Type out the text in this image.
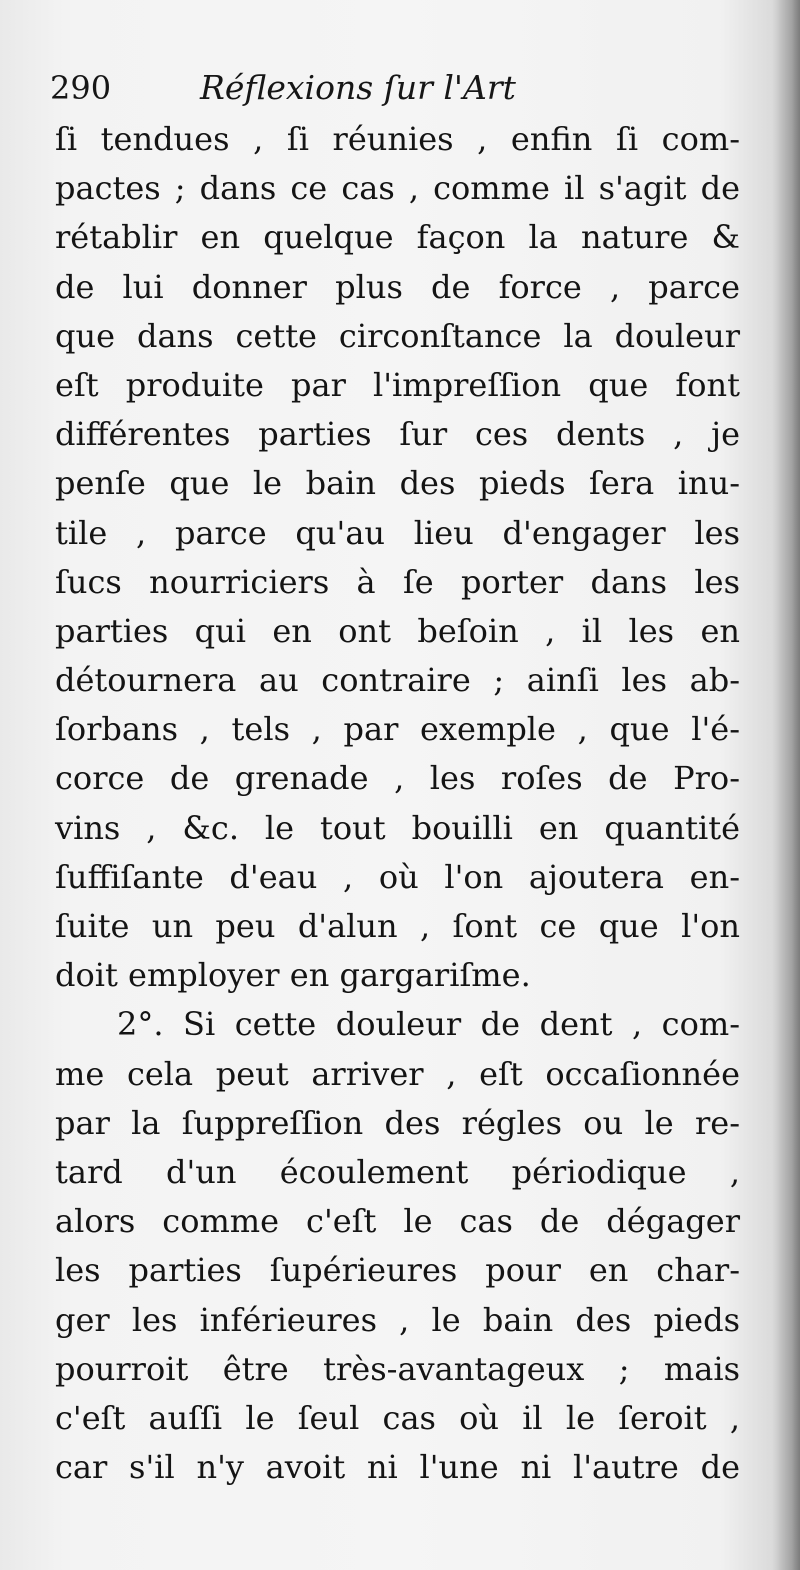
290	Réflexions ſur l'Art
ſi tendues , ſi réunies , enfin ſi com-
pactes ; dans ce cas , comme il s'agit de
rétablir en quelque façon la nature &
de lui donner plus de force , parce
que dans cette circonſtance la douleur
eſt produite par l'impreſſion que font
différentes parties ſur ces dents , je
penſe que le bain des pieds ſera inu-
tile , parce qu'au lieu d'engager les
ſucs nourriciers à ſe porter dans les
parties qui en ont beſoin , il les en
détournera au contraire ; ainſi les ab-
ſorbans , tels , par exemple , que l'é-
corce de grenade , les roſes de Pro-
vins , &c. le tout bouilli en quantité
ſuffiſante d'eau , où l'on ajoutera en-
ſuite un peu d'alun , ſont ce que l'on
doit employer en gargariſme.
2°. Si cette douleur de dent , com-
me cela peut arriver , eſt occaſionnée
par la ſuppreſſion des régles ou le re-
tard d'un écoulement périodique ,
alors comme c'eſt le cas de dégager
les parties ſupérieures pour en char-
ger les inférieures , le bain des pieds
pourroit être très-avantageux ; mais
c'eſt auſſi le ſeul cas où il le ſeroit ,
car s'il n'y avoit ni l'une ni l'autre de
